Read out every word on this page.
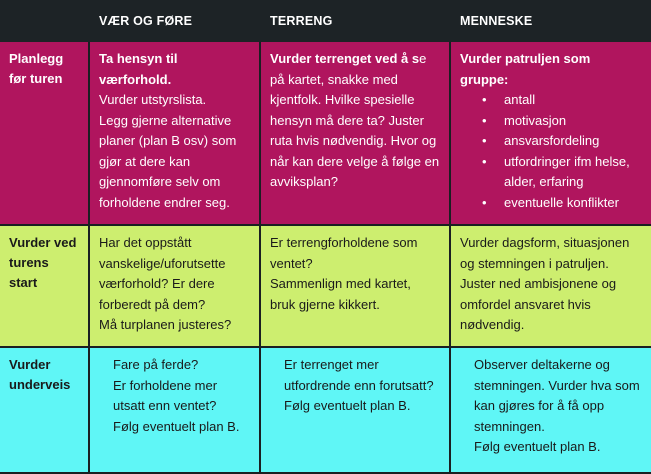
VÆR OG FØRE	TERRENG	MENNESKE
Planlegg
før turen
Ta hensyn til
værforhold.
Vurder utstyrslista.
Legg gjerne alternative
planer (plan B osv) som
gjør at dere kan
gjennomføre selv om
forholdene endrer seg.
Vurder terrenget ved å se
på kartet, snakke med
kjentfolk. Hvilke spesielle
hensyn må dere ta? Juster
ruta hvis nødvendig. Hvor og
når kan dere velge å følge en
avviksplan?
Vurder patruljen som
gruppe:
• antall
• motivasjon
• ansvarsfordeling
• utfordringer ifm helse, alder, erfaring
• eventuelle konflikter
Vurder ved
turens
start
Har det oppstått
vanskelige/uforutsette
værforhold? Er dere
forberedt på dem?
Må turplanen justeres?
Er terrengforholdene som
ventet?
Sammenlign med kartet,
bruk gjerne kikkert.
Vurder dagsform, situasjonen
og stemningen i patruljen.
Juster ned ambisjonene og
omfordel ansvaret hvis
nødvendig.
Vurder
underveis
Fare på ferde?
Er forholdene mer
utsatt enn ventet?
Følg eventuelt plan B.
Er terrenget mer
utfordrende enn forutsatt?
Følg eventuelt plan B.
Observer deltakerne og
stemningen. Vurder hva som
kan gjøres for å få opp
stemningen.
Følg eventuelt plan B.
